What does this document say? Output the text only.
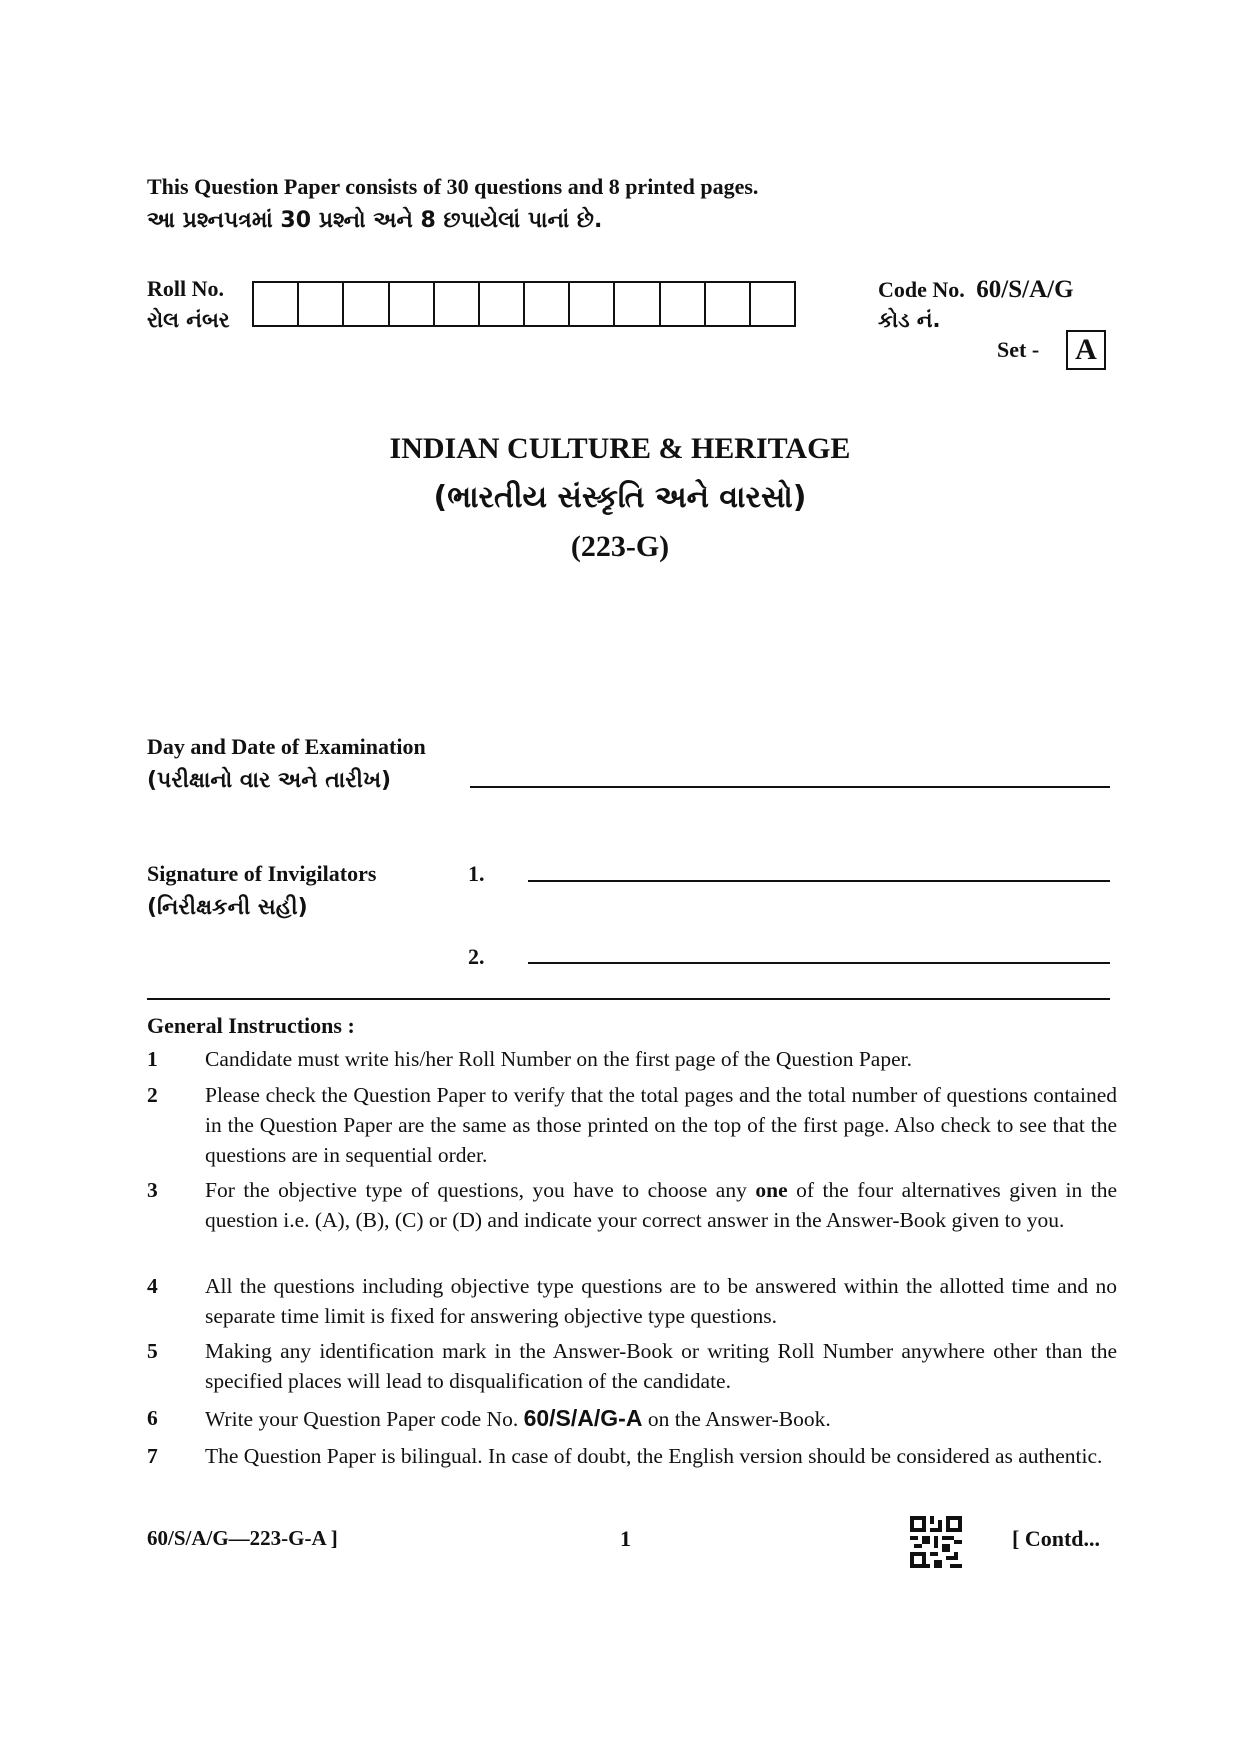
This Question Paper consists of 30 questions and 8 printed pages.
આ પ્રશ્નપત્રમાં 30 પ્રશ્નો અને 8 છપાયેલાં પાનાં છે.
Roll No.
રોલ નંબર
Code No. 60/S/A/G
કોડ નં.
Set -	A
INDIAN CULTURE & HERITAGE
(ભારતીય સંસ્કૃતિ અને વારસો)
(223-G)
Day and Date of Examination
(પરીક્ષાનો વાર અને તારીખ)
Signature of Invigilators
(નિરીક્ષકની સહી)
1.
2.
General Instructions :
1 Candidate must write his/her Roll Number on the first page of the Question Paper.
2 Please check the Question Paper to verify that the total pages and the total number of questions contained in the Question Paper are the same as those printed on the top of the first page. Also check to see that the questions are in sequential order.
3 For the objective type of questions, you have to choose any one of the four alternatives given in the question i.e. (A), (B), (C) or (D) and indicate your correct answer in the Answer-Book given to you.
4 All the questions including objective type questions are to be answered within the allotted time and no separate time limit is fixed for answering objective type questions.
5 Making any identification mark in the Answer-Book or writing Roll Number anywhere other than the specified places will lead to disqualification of the candidate.
6 Write your Question Paper code No. 60/S/A/G-A on the Answer-Book.
7 The Question Paper is bilingual. In case of doubt, the English version should be considered as authentic.
60/S/A/G—223-G-A ]	1	[ Contd...
